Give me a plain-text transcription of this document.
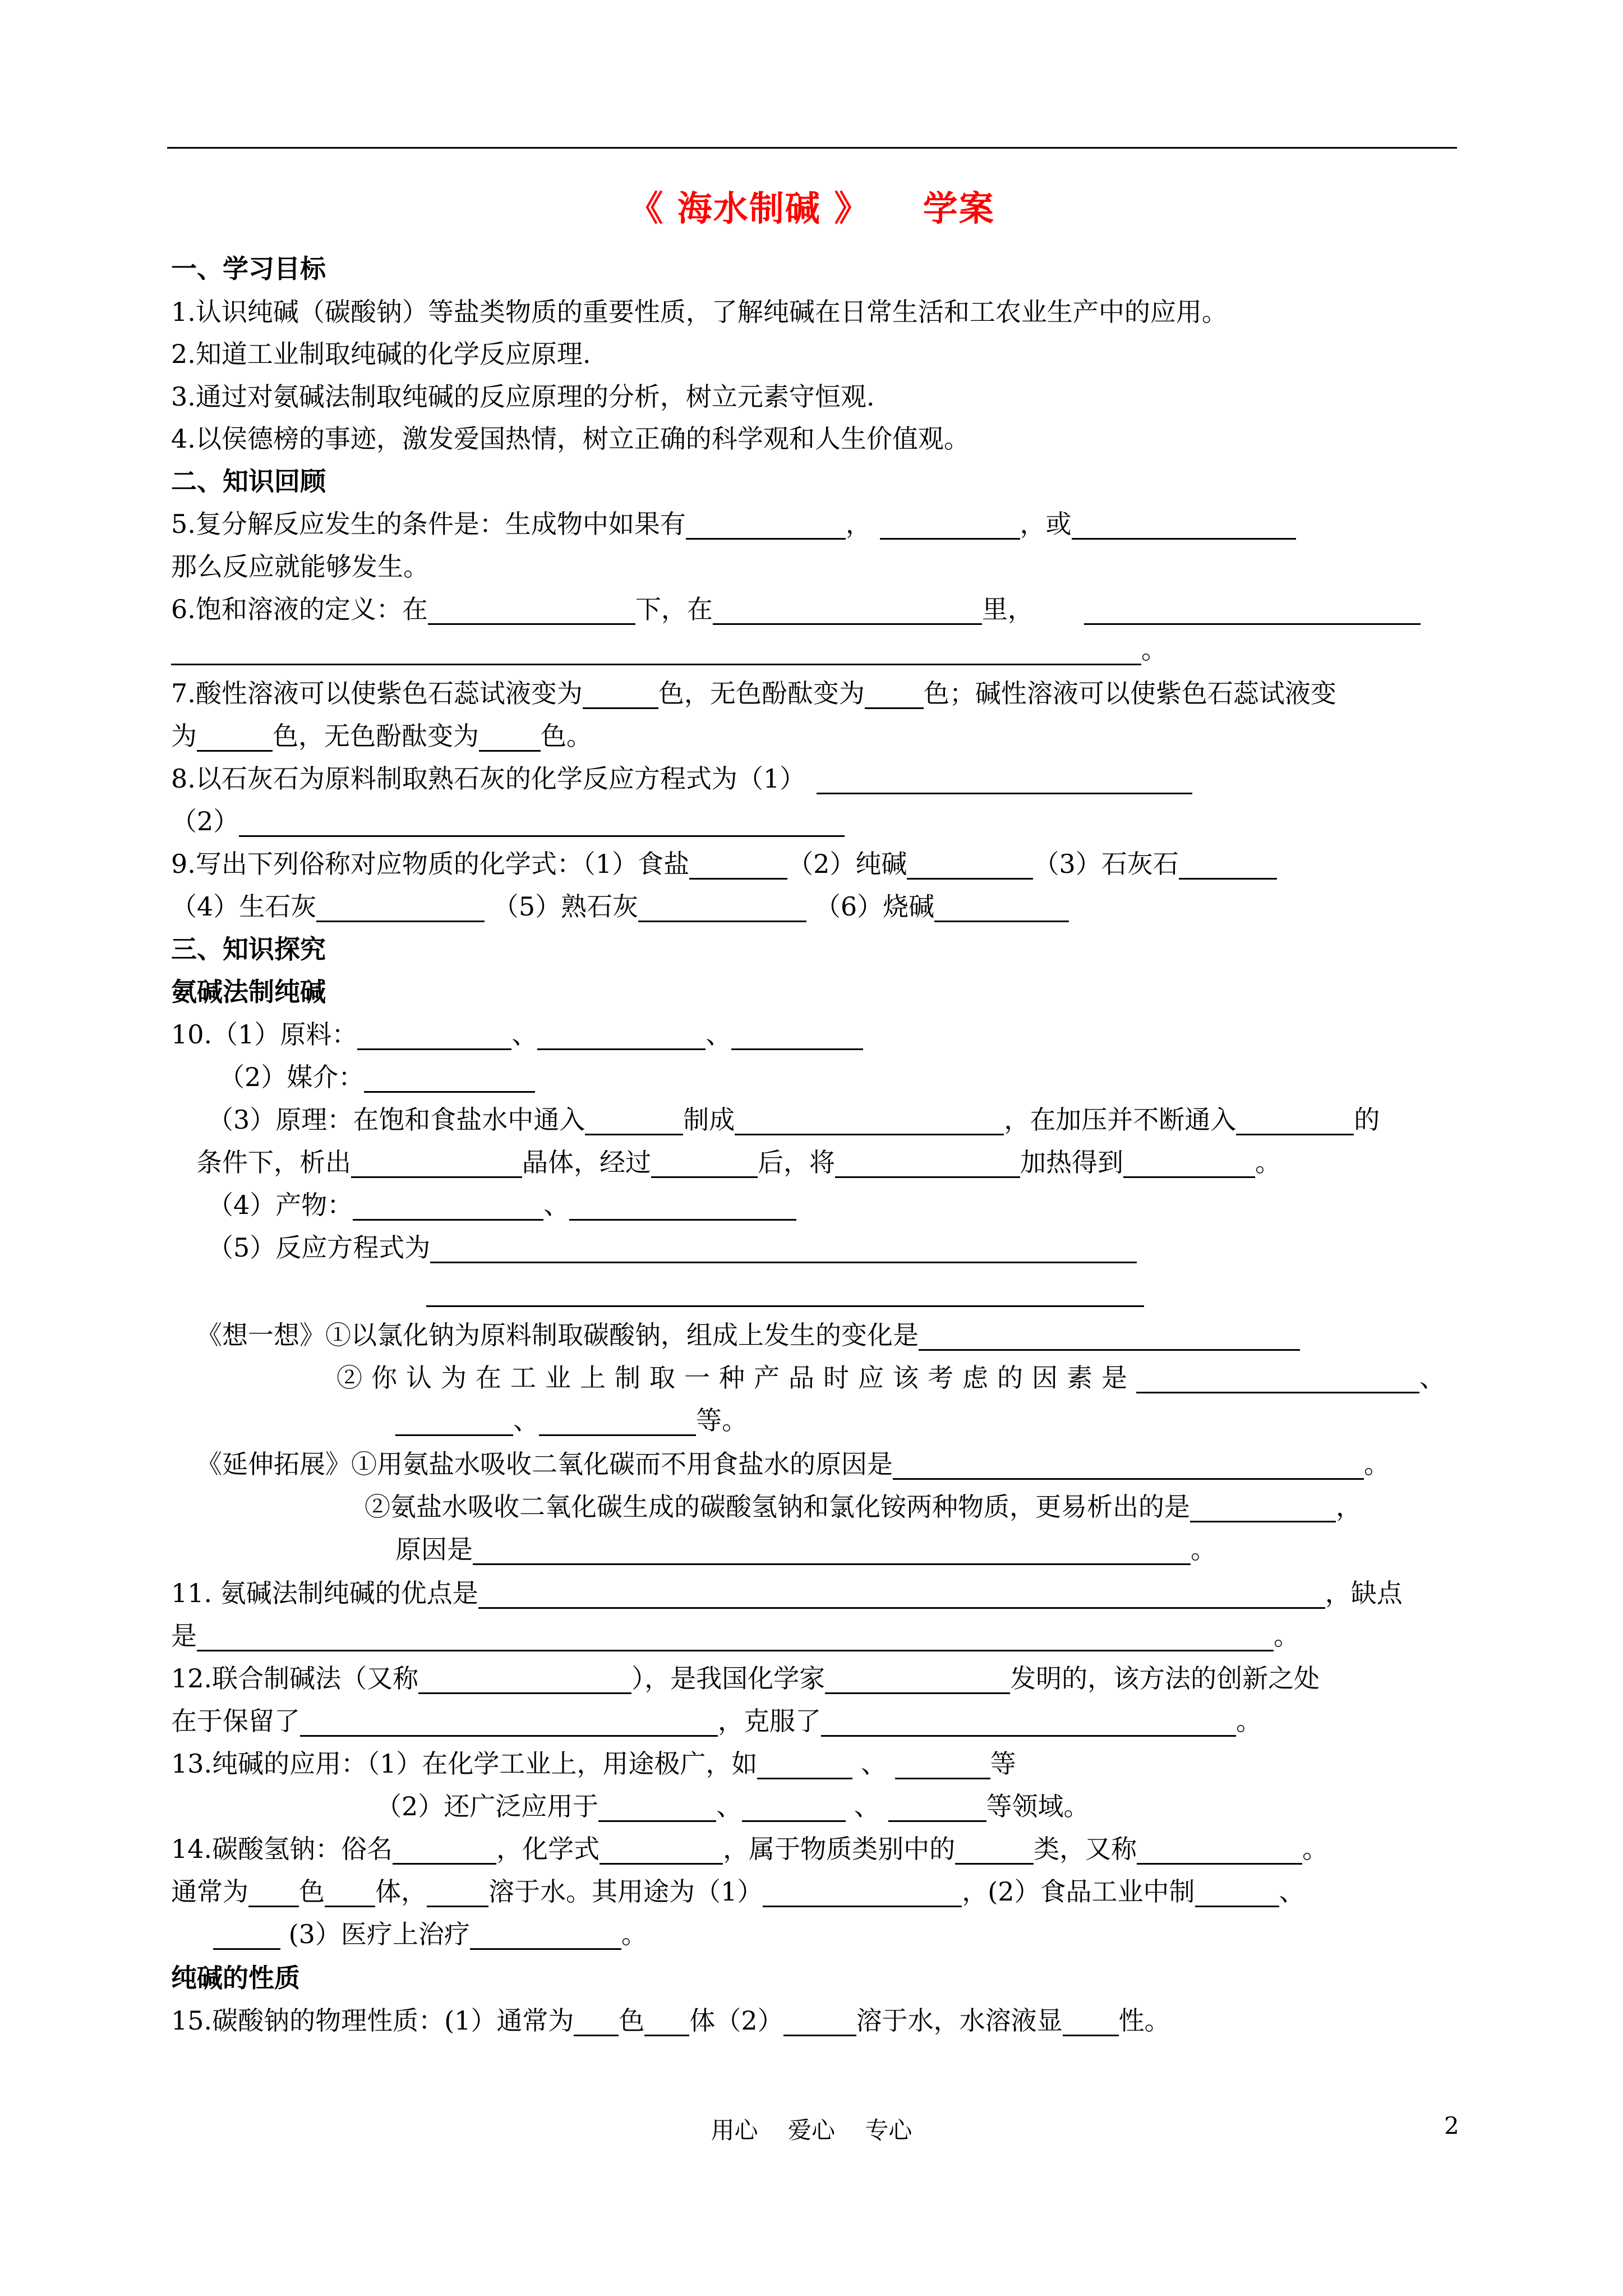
《 海水制碱 》    学案
一、学习目标
1.认识纯碱（碳酸钠）等盐类物质的重要性质，了解纯碱在日常生活和工农业生产中的应用。
2.知道工业制取纯碱的化学反应原理.
3.通过对氨碱法制取纯碱的反应原理的分析，树立元素守恒观.
4.以侯德榜的事迹，激发爱国热情，树立正确的科学观和人生价值观。
二、知识回顾
5.复分解反应发生的条件是：生成物中如果有	，	，或
那么反应就能够发生。
6.饱和溶液的定义：在	下，在	里，
。
7.酸性溶液可以使紫色石蕊试液变为	色，无色酚酞变为 色；碱性溶液可以使紫色石蕊试液变
为	色，无色酚酞变为 色。
8.以石灰石为原料制取熟石灰的化学反应方程式为（1）
（2）
9.写出下列俗称对应物质的化学式：（1）食盐	（2）纯碱	（3）石灰石
（4）生石灰	（5）熟石灰	（6）烧碱
三、知识探究
氨碱法制纯碱
10.（1）原料：	、	、
（2）媒介：
（3）原理：在饱和食盐水中通入	制成	，在加压并不断通入	的
条件下，析出	晶体，经过	后，将	加热得到	。
（4）产物：	、
（5）反应方程式为
《想一想》①以氯化钠为原料制取碳酸钠，组成上发生的变化是
②你认为在工业上制取一种产品时应该考虑的因素是	、
、	等。
《延伸拓展》①用氨盐水吸收二氧化碳而不用食盐水的原因是	。
②氨盐水吸收二氧化碳生成的碳酸氢钠和氯化铵两种物质，更易析出的是	，
原因是	。
11. 氨碱法制纯碱的优点是	，缺点
是	。
12.联合制碱法（又称	），是我国化学家	发明的，该方法的创新之处
在于保留了	，克服了	。
13.纯碱的应用：（1）在化学工业上，用途极广，如	、	等
（2）还广泛应用于	、	、	等领域。
14.碳酸氢钠：俗名	，化学式	，属于物质类别中的	类，又称	。
通常为 色 体， 溶于水。其用途为（1）	，(2）食品工业中制	、
(3）医疗上治疗	。
纯碱的性质
15.碳酸钠的物理性质：(1）通常为 色 体（2）	溶于水，水溶液显 性。
用心    爱心    专心	2
